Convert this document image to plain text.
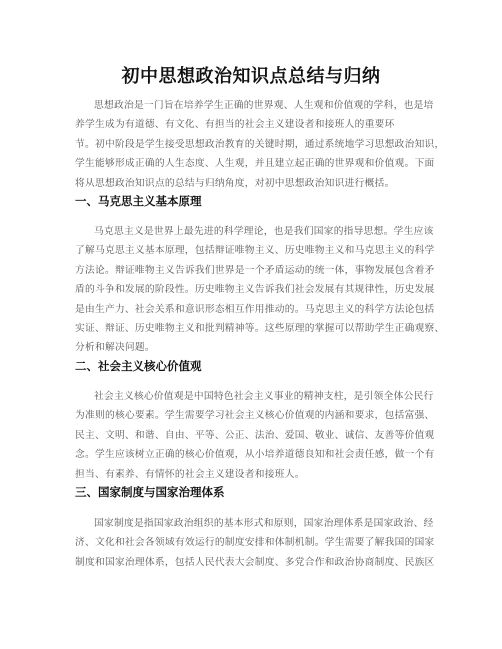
初中思想政治知识点总结与归纳

思想政治是一门旨在培养学生正确的世界观、人生观和价值观的学科，也是培
养学生成为有道德、有文化、有担当的社会主义建设者和接班人的重要环
节。初中阶段是学生接受思想政治教育的关键时期，通过系统地学习思想政治知识，
学生能够形成正确的人生态度、人生观，并且建立起正确的世界观和价值观。下面
将从思想政治知识点的总结与归纳角度，对初中思想政治知识进行概括。

一、马克思主义基本原理

马克思主义是世界上最先进的科学理论，也是我们国家的指导思想。学生应该
了解马克思主义基本原理，包括辩证唯物主义、历史唯物主义和马克思主义的科学
方法论。辩证唯物主义告诉我们世界是一个矛盾运动的统一体，事物发展包含着矛
盾的斗争和发展的阶段性。历史唯物主义告诉我们社会发展有其规律性，历史发展
是由生产力、社会关系和意识形态相互作用推动的。马克思主义的科学方法论包括
实证、辩证、历史唯物主义和批判精神等。这些原理的掌握可以帮助学生正确观察、
分析和解决问题。

二、社会主义核心价值观

社会主义核心价值观是中国特色社会主义事业的精神支柱，是引领全体公民行
为准则的核心要素。学生需要学习社会主义核心价值观的内涵和要求，包括富强、
民主、文明、和谐、自由、平等、公正、法治、爱国、敬业、诚信、友善等价值观
念。学生应该树立正确的核心价值观，从小培养道德良知和社会责任感，做一个有
担当、有素养、有情怀的社会主义建设者和接班人。

三、国家制度与国家治理体系

国家制度是指国家政治组织的基本形式和原则，国家治理体系是国家政治、经
济、文化和社会各领域有效运行的制度安排和体制机制。学生需要了解我国的国家
制度和国家治理体系，包括人民代表大会制度、多党合作和政治协商制度、民族区
